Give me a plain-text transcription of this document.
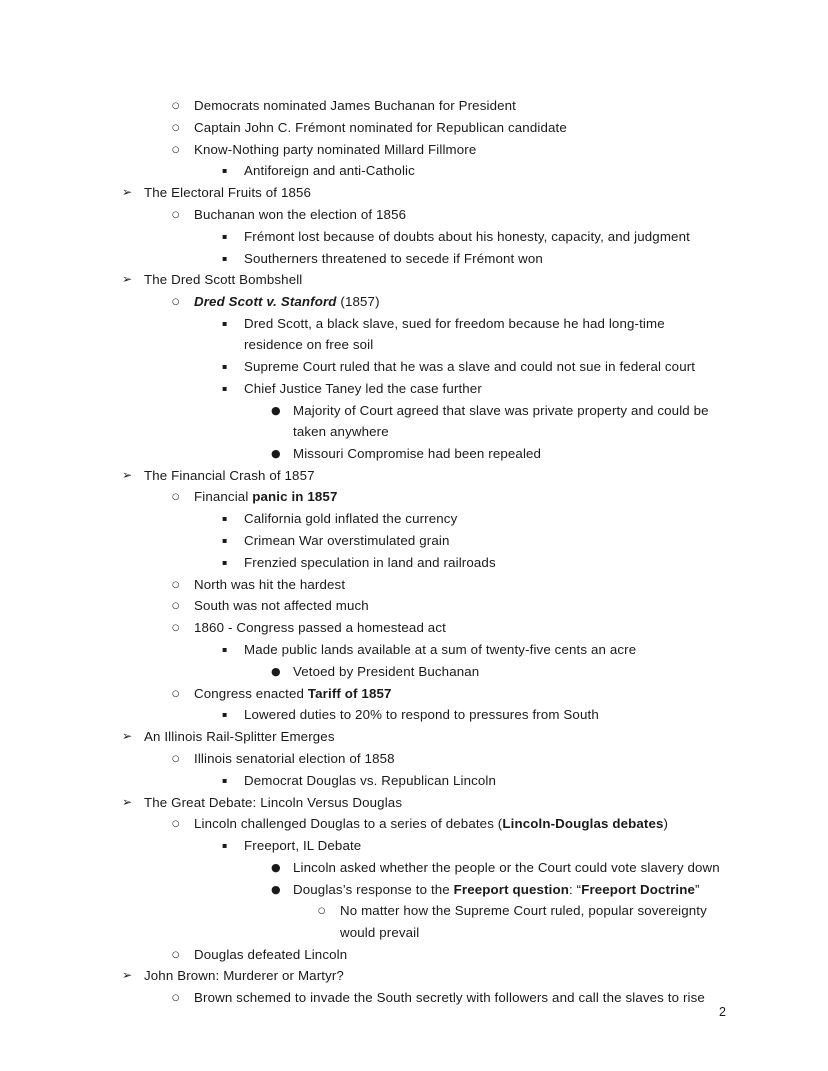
○	Democrats nominated James Buchanan for President
○	Captain John C. Frémont nominated for Republican candidate
○	Know-Nothing party nominated Millard Fillmore
▪	Antiforeign and anti-Catholic
➢ The Electoral Fruits of 1856
○	Buchanan won the election of 1856
▪	Frémont lost because of doubts about his honesty, capacity, and judgment
▪	Southerners threatened to secede if Frémont won
➢ The Dred Scott Bombshell
○	Dred Scott v. Stanford (1857)
▪	Dred Scott, a black slave, sued for freedom because he had long-time residence on free soil
▪	Supreme Court ruled that he was a slave and could not sue in federal court
▪	Chief Justice Taney led the case further
● Majority of Court agreed that slave was private property and could be taken anywhere
● Missouri Compromise had been repealed
➢ The Financial Crash of 1857
○	Financial panic in 1857
▪	California gold inflated the currency
▪	Crimean War overstimulated grain
▪	Frenzied speculation in land and railroads
○	North was hit the hardest
○	South was not affected much
○	1860 - Congress passed a homestead act
▪	Made public lands available at a sum of twenty-five cents an acre
● Vetoed by President Buchanan
○	Congress enacted Tariff of 1857
▪	Lowered duties to 20% to respond to pressures from South
➢ An Illinois Rail-Splitter Emerges
○	Illinois senatorial election of 1858
▪	Democrat Douglas vs. Republican Lincoln
➢ The Great Debate: Lincoln Versus Douglas
○	Lincoln challenged Douglas to a series of debates (Lincoln-Douglas debates)
▪	Freeport, IL Debate
● Lincoln asked whether the people or the Court could vote slavery down
● Douglas’s response to the Freeport question: “Freeport Doctrine”
○	No matter how the Supreme Court ruled, popular sovereignty would prevail
○	Douglas defeated Lincoln
➢ John Brown: Murderer or Martyr?
○	Brown schemed to invade the South secretly with followers and call the slaves to rise
2
